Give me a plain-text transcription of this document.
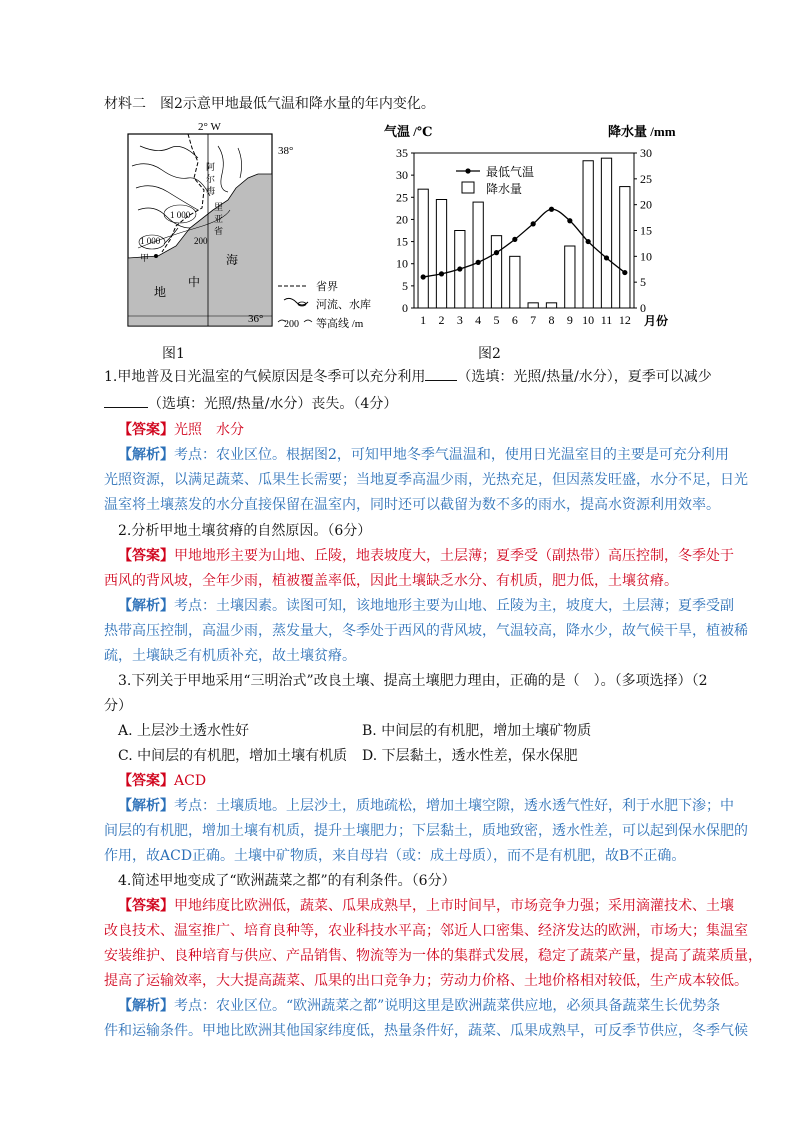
材料二　图2示意甲地最低气温和降水量的年内变化。
阿
尔
梅
里
亚
省
1 000
200
1 000
甲
地
中
海
2° W
38°
36°
省界
河流、水库
200 等高线 /m
图1
气温 /℃	降水量 /mm
月份
最低气温
降水量
0
5
10
15
20
25
30
35
0
5
10
15
20
25
30
1 2 3 4 5 6 7 8 9 10 11 12
图2
1.甲地普及日光温室的气候原因是冬季可以充分利用 （选填：光照/热量/水分），夏季可以减少
（选填：光照/热量/水分）丧失。（4分）
【答案】光照　水分
【解析】考点：农业区位。根据图2，可知甲地冬季气温温和，使用日光温室目的主要是可充分利用
光照资源，以满足蔬菜、瓜果生长需要；当地夏季高温少雨，光热充足，但因蒸发旺盛，水分不足，日光
温室将土壤蒸发的水分直接保留在温室内，同时还可以截留为数不多的雨水，提高水资源利用效率。
2.分析甲地土壤贫瘠的自然原因。（6分）
【答案】甲地地形主要为山地、丘陵，地表坡度大，土层薄；夏季受（副热带）高压控制，冬季处于
西风的背风坡，全年少雨，植被覆盖率低，因此土壤缺乏水分、有机质，肥力低，土壤贫瘠。
【解析】考点：土壤因素。读图可知，该地地形主要为山地、丘陵为主，坡度大，土层薄；夏季受副
热带高压控制，高温少雨，蒸发量大，冬季处于西风的背风坡，气温较高，降水少，故气候干旱，植被稀
疏，土壤缺乏有机质补充，故土壤贫瘠。
3.下列关于甲地采用“三明治式”改良土壤、提高土壤肥力理由，正确的是（　）。（多项选择）（2
分）
A. 上层沙土透水性好	B. 中间层的有机肥，增加土壤矿物质
C. 中间层的有机肥，增加土壤有机质 D. 下层黏土，透水性差，保水保肥
【答案】ACD
【解析】考点：土壤质地。上层沙土，质地疏松，增加土壤空隙，透水透气性好，利于水肥下渗；中
间层的有机肥，增加土壤有机质，提升土壤肥力；下层黏土，质地致密，透水性差，可以起到保水保肥的
作用，故ACD正确。土壤中矿物质，来自母岩（或：成土母质），而不是有机肥，故B不正确。
4.简述甲地变成了“欧洲蔬菜之都”的有利条件。（6分）
【答案】甲地纬度比欧洲低，蔬菜、瓜果成熟早，上市时间早，市场竞争力强；采用滴灌技术、土壤
改良技术、温室推广、培育良种等，农业科技水平高；邻近人口密集、经济发达的欧洲，市场大；集温室
安装维护、良种培育与供应、产品销售、物流等为一体的集群式发展，稳定了蔬菜产量，提高了蔬菜质量，
提高了运输效率，大大提高蔬菜、瓜果的出口竞争力；劳动力价格、土地价格相对较低，生产成本较低。
【解析】考点：农业区位。“欧洲蔬菜之都”说明这里是欧洲蔬菜供应地，必须具备蔬菜生长优势条
件和运输条件。甲地比欧洲其他国家纬度低，热量条件好，蔬菜、瓜果成熟早，可反季节供应，冬季气候
